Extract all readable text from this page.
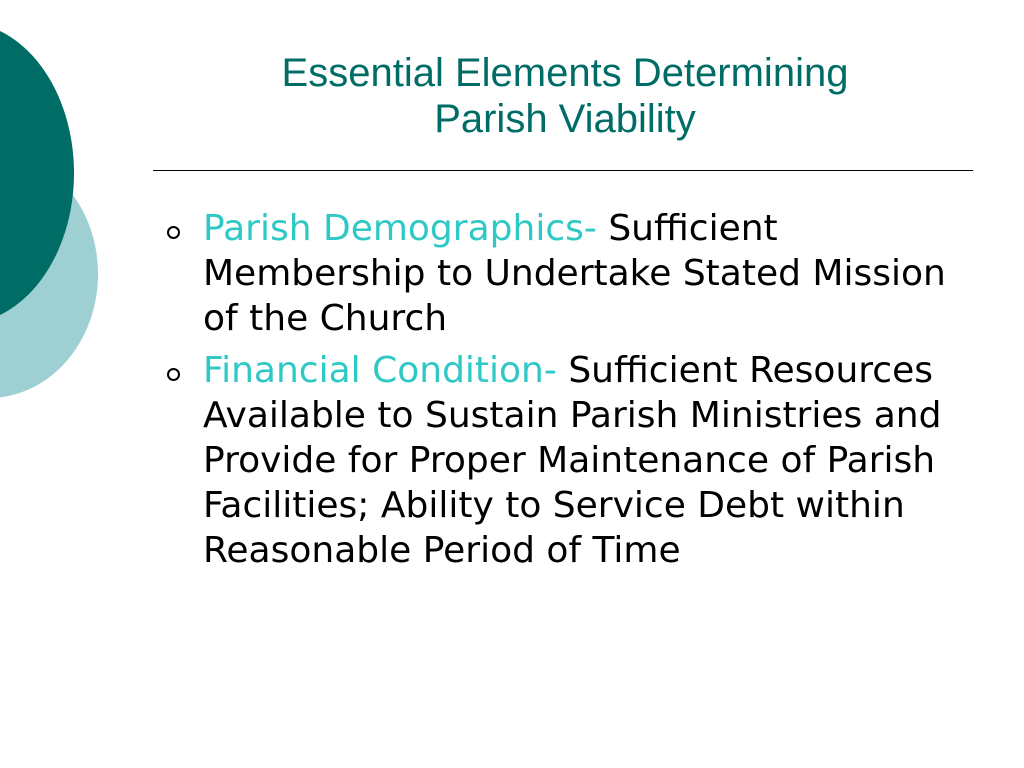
Essential Elements Determining
Parish Viability
Parish Demographics- Sufficient Membership to Undertake Stated Mission of the Church
Financial Condition- Sufficient Resources Available to Sustain Parish Ministries and Provide for Proper Maintenance of Parish Facilities; Ability to Service Debt within Reasonable Period of Time
